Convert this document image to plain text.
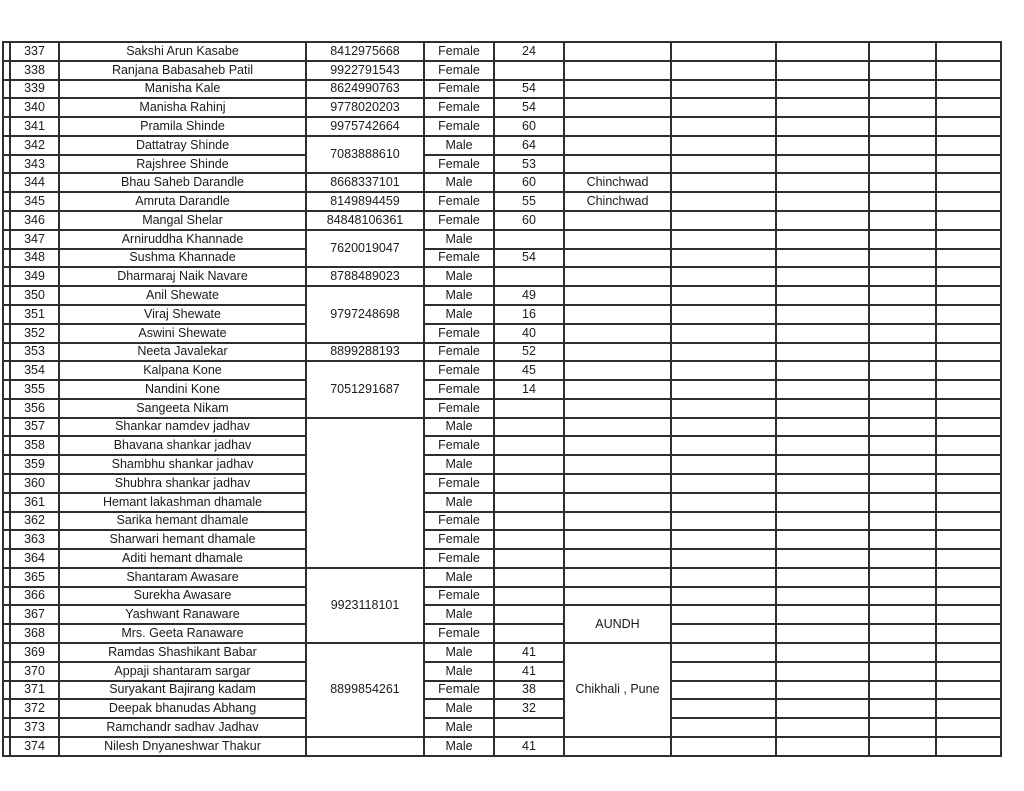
	337	Sakshi Arun Kasabe	8412975668	Female	24					
	338	Ranjana Babasaheb Patil	9922791543	Female						
	339	Manisha Kale	8624990763	Female	54					
	340	Manisha Rahinj	9778020203	Female	54					
	341	Pramila Shinde	9975742664	Female	60					
	342	Dattatray Shinde	7083888610	Male	64					
	343	Rajshree Shinde		Female	53					
	344	Bhau Saheb Darandle	8668337101	Male	60	Chinchwad				
	345	Amruta Darandle	8149894459	Female	55	Chinchwad				
	346	Mangal Shelar	84848106361	Female	60					
	347	Arniruddha Khannade	7620019047	Male						
	348	Sushma Khannade		Female	54					
	349	Dharmaraj Naik Navare	8788489023	Male						
	350	Anil Shewate	9797248698	Male	49					
	351	Viraj Shewate		Male	16					
	352	Aswini Shewate		Female	40					
	353	Neeta Javalekar	8899288193	Female	52					
	354	Kalpana Kone	7051291687	Female	45					
	355	Nandini Kone		Female	14					
	356	Sangeeta Nikam		Female						
	357	Shankar namdev jadhav		Male						
	358	Bhavana shankar jadhav		Female						
	359	Shambhu shankar jadhav		Male						
	360	Shubhra shankar jadhav		Female						
	361	Hemant lakashman dhamale		Male						
	362	Sarika hemant dhamale		Female						
	363	Sharwari hemant dhamale		Female						
	364	Aditi hemant dhamale		Female						
	365	Shantaram Awasare	9923118101	Male						
	366	Surekha Awasare		Female						
	367	Yashwant Ranaware		Male		AUNDH				
	368	Mrs. Geeta Ranaware		Female						
	369	Ramdas Shashikant Babar	8899854261	Male	41	Chikhali , Pune				
	370	Appaji shantaram sargar		Male	41					
	371	Suryakant Bajirang kadam		Female	38					
	372	Deepak bhanudas Abhang		Male	32					
	373	Ramchandr sadhav Jadhav		Male						
	374	Nilesh Dnyaneshwar Thakur		Male	41					
